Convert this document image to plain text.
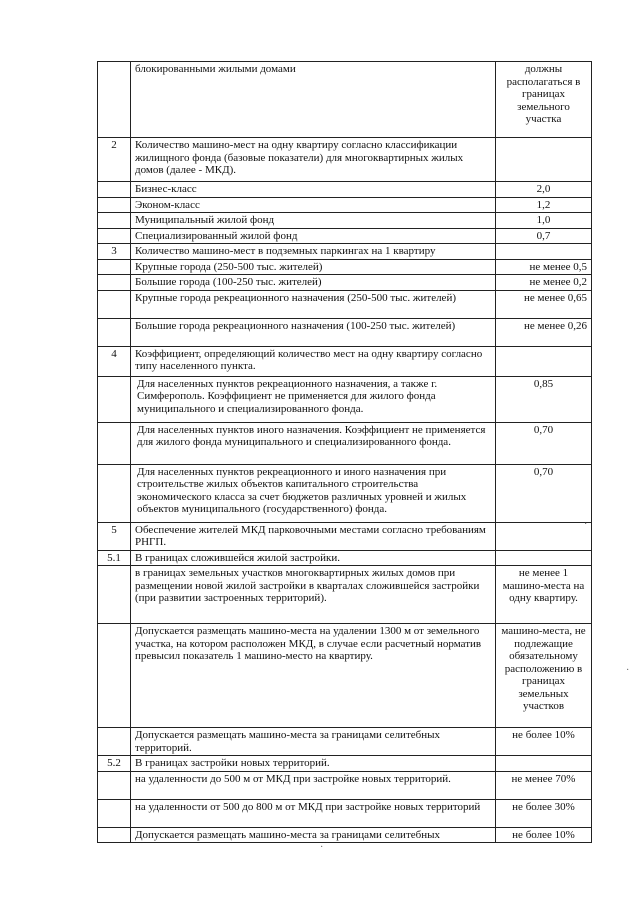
	блокированными жилыми домами	должны располагаться в границах земельного участка
2	Количество машино-мест на одну квартиру согласно классификации жилищного фонда (базовые показатели) для многоквартирных жилых домов (далее - МКД).	
	Бизнес-класс	2,0
	Эконом-класс	1,2
	Муниципальный жилой фонд	1,0
	Специализированный жилой фонд	0,7
3	Количество машино-мест в подземных паркингах на 1 квартиру	
	Крупные города (250-500 тыс. жителей)	не менее 0,5
	Большие города (100-250 тыс. жителей)	не менее 0,2
	Крупные города рекреационного назначения (250-500 тыс. жителей)	не менее 0,65
	Большие города рекреационного назначения (100-250 тыс. жителей)	не менее 0,26
4	Коэффициент, определяющий количество мест на одну квартиру согласно типу населенного пункта.	
	Для населенных пунктов рекреационного назначения, а также г. Симферополь. Коэффициент не применяется для жилого фонда муниципального и специализированного фонда.	0,85
	Для населенных пунктов иного назначения. Коэффициент не применяется для жилого фонда муниципального и специализированного фонда.	0,70
	Для населенных пунктов рекреационного и иного назначения при строительстве жилых объектов капитального строительства экономического класса за счет бюджетов различных уровней и жилых объектов муниципального (государственного) фонда.	0,70
5	Обеспечение жителей МКД парковочными местами согласно требованиям РНГП.	
5.1	В границах сложившейся жилой застройки.	
	в границах земельных участков многоквартирных жилых домов при размещении новой жилой застройки в кварталах сложившейся застройки (при развитии застроенных территорий).	не менее 1 машино-места на одну квартиру.
	Допускается размещать машино-места на удалении 1300 м от земельного участка, на котором расположен МКД, в случае если расчетный норматив превысил показатель 1 машино-место на квартиру.	машино-места, не подлежащие обязательному расположению в границах земельных участков
	Допускается размещать машино-места за границами селитебных территорий.	не более 10%
5.2	В границах застройки новых территорий.	
	на удаленности до 500 м от МКД при застройке новых территорий.	не менее 70%
	на удаленности от 500 до 800 м от МКД при застройке новых территорий	не более 30%
	Допускается размещать машино-места за границами селитебных	не более 10%
·
·
·
